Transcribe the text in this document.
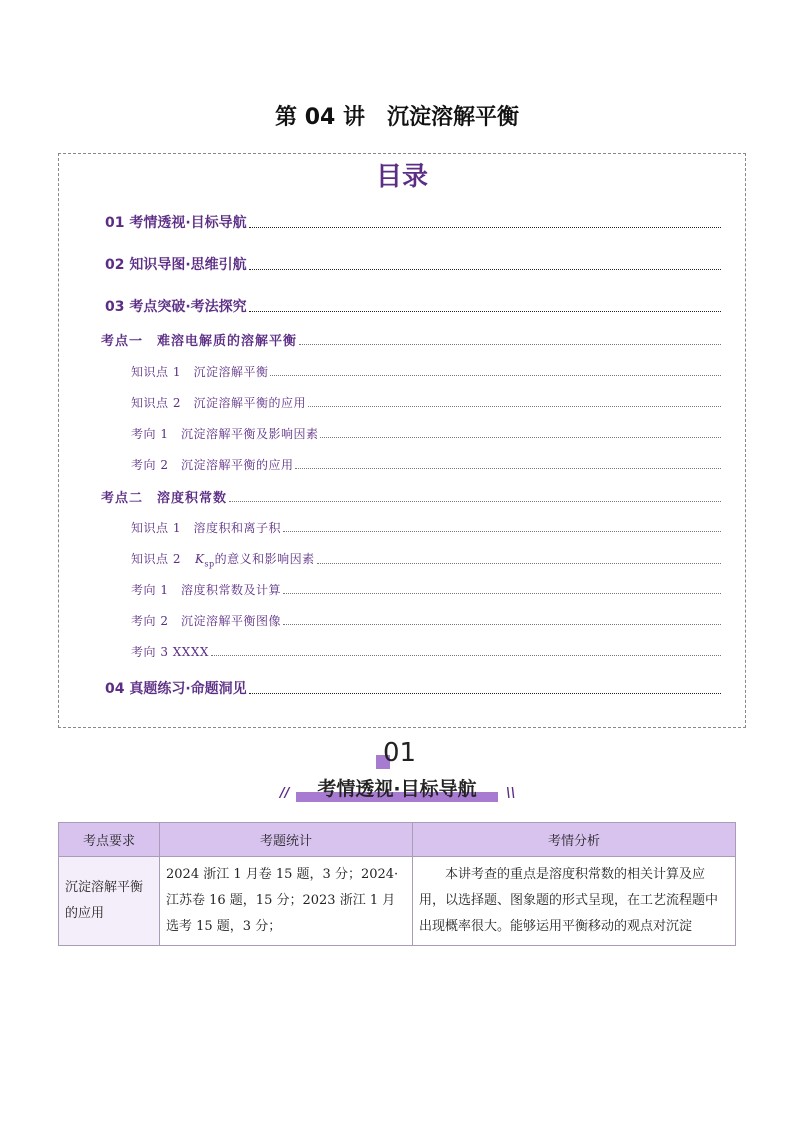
第 04 讲　沉淀溶解平衡
目录
01 考情透视·目标导航
02 知识导图·思维引航
03 考点突破·考法探究
考点一　难溶电解质的溶解平衡
知识点 1　沉淀溶解平衡
知识点 2　沉淀溶解平衡的应用
考向 1　沉淀溶解平衡及影响因素
考向 2　沉淀溶解平衡的应用
考点二　溶度积常数
知识点 1　溶度积和离子积
知识点 2 $K_{sp}$的意义和影响因素
考向 1　溶度积常数及计算
考向 2　沉淀溶解平衡图像
考向 3 XXXX
04 真题练习·命题洞见
01
//	考情透视·目标导航	\\
考点要求	考题统计	考情分析
沉淀溶解平衡的应用	2024 浙江 1 月卷 15 题，3 分；2024·江苏卷 16 题，15 分；2023 浙江 1 月选考 15 题，3 分；	本讲考查的重点是溶度积常数的相关计算及应用，以选择题、图象题的形式呈现，在工艺流程题中出现概率很大。能够运用平衡移动的观点对沉淀
